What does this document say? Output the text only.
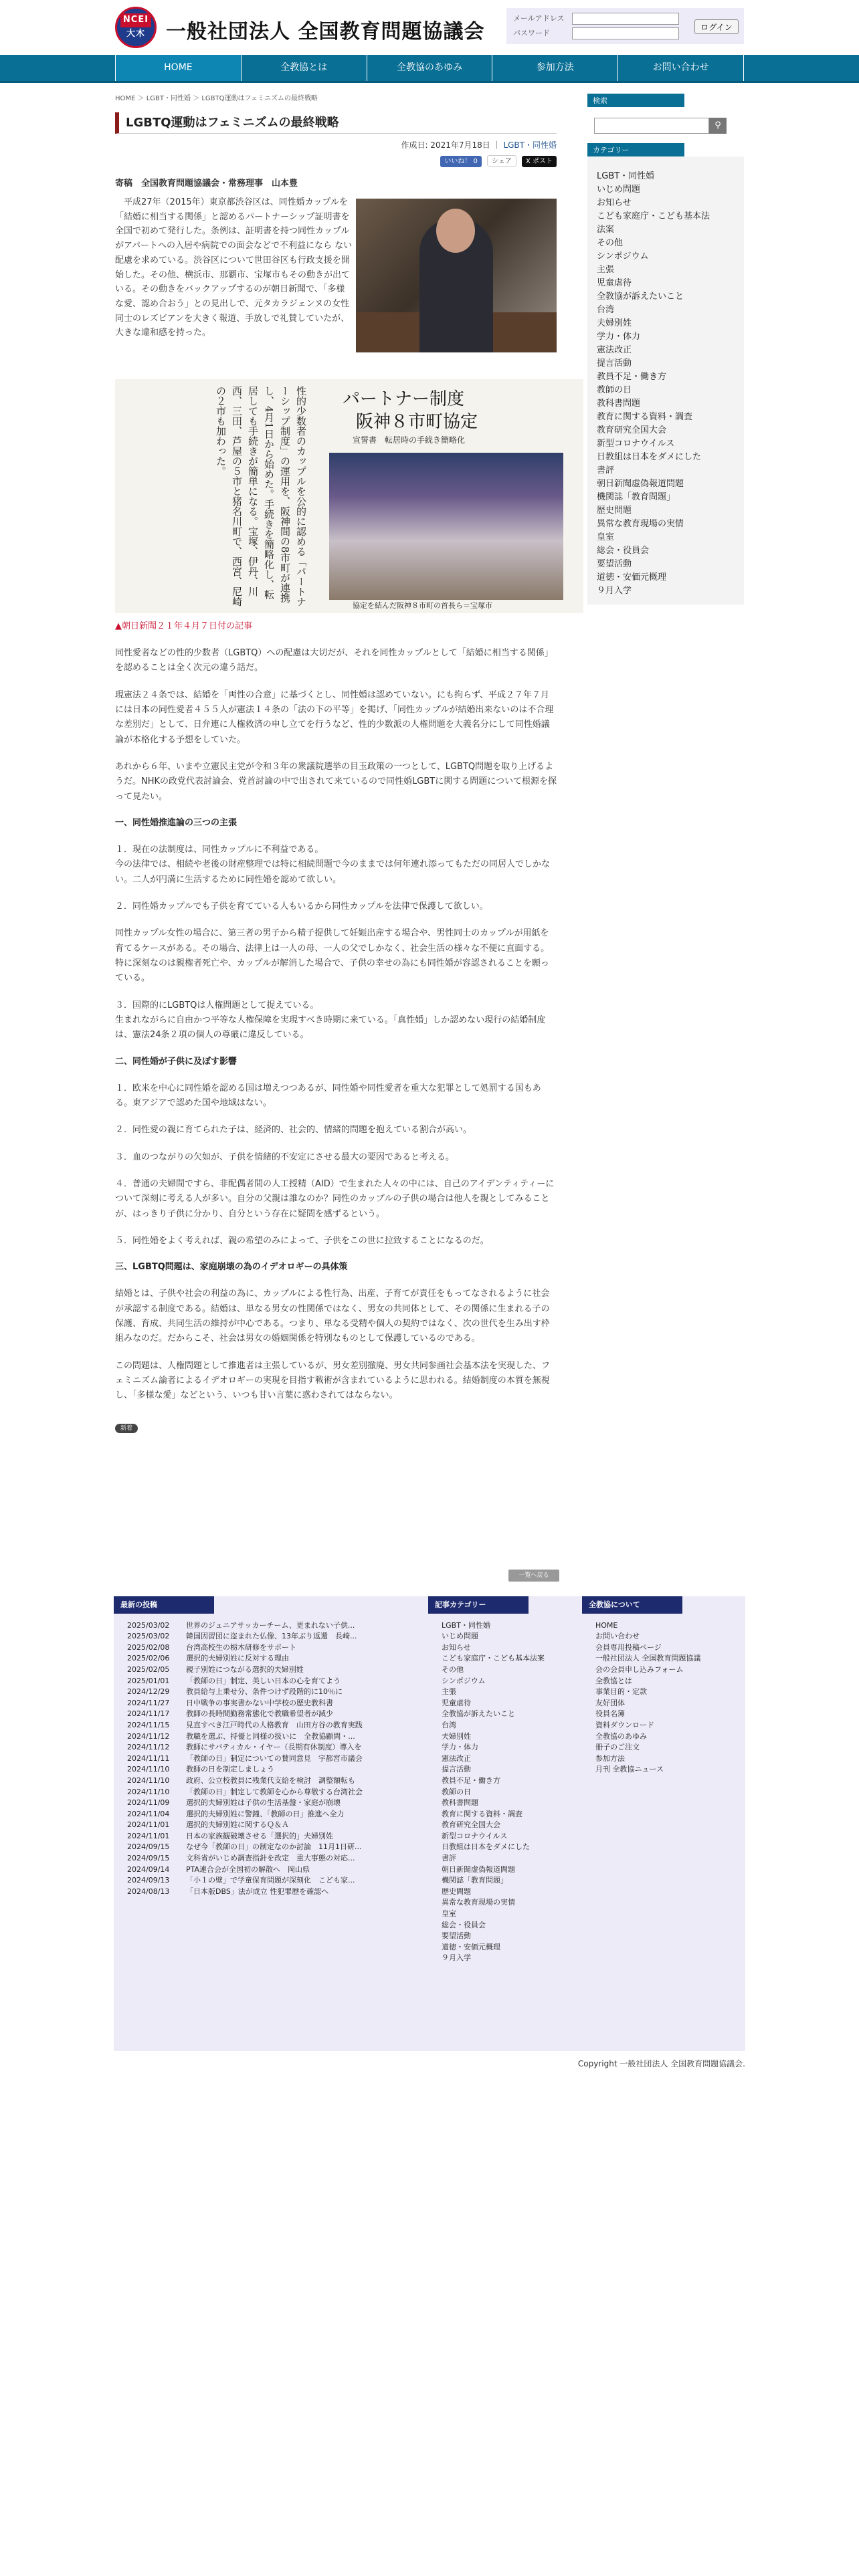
NCEI
大木 一般社団法人 全国教育問題協議会
メールアドレス
パスワード
ログイン
HOME	全教協とは	全教協のあゆみ	参加方法	お問い合わせ
HOME ＞ LGBT・同性婚 ＞ LGBTQ運動はフェミニズムの最終戦略
LGBTQ運動はフェミニズムの最終戦略
作成日: 2021年7月18日 ｜ LGBT・同性婚
いいね！ 0 シェア X ポスト
寄稿　全国教育問題協議会・常務理事　山本豊

平成27年（2015年）東京都渋谷区は、同性婚カップルを「結婚に相当する関係」と認めるパートナーシップ証明書を全国で初めて発行した。条例は、証明書を持つ同性カップルがアパートへの入居や病院での面会などで不利益になら ない配慮を求めている。渋谷区について世田谷区も行政支援を開始した。その他、横浜市、那覇市、宝塚市もその動きが出ている。その動きをバックアップするのが朝日新聞で、「多様な愛、認め合おう」との見出しで、元タカラジェンヌの女性同士のレズビアンを大きく報道、手放しで礼賛していたが、大きな違和感を持った。

性的少数者のカップルを公的に認める「パートナーシップ制度」の運用を、阪神間の8市町が連携し、4月1日から始めた。手続きを簡略化し、転居しても手続きが簡単になる。宝塚、伊丹、川西、三田、芦屋の５市と猪名川町で、西宮、尼崎の２市も加わった。	パートナー制度
阪神８市町協定
宣誓書　転居時の手続き簡略化
協定を結んだ阪神８市町の首長ら＝宝塚市
▲朝日新聞２１年４月７日付の記事

同性愛者などの性的少数者（LGBTQ）への配慮は大切だが、それを同性カップルとして「結婚に相当する関係」を認めることは全く次元の違う話だ。

現憲法２４条では、結婚を「両性の合意」に基づくとし、同性婚は認めていない。にも拘らず、平成２７年７月には日本の同性愛者４５５人が憲法１４条の「法の下の平等」を掲げ、「同性カップルが結婚出来ないのは不合理な差別だ」として、日弁連に人権救済の申し立てを行うなど、性的少数派の人権問題を大義名分にして同性婚議論が本格化する予想をしていた。

あれから６年、いまや立憲民主党が令和３年の衆議院選挙の目玉政策の一つとして、LGBTQ問題を取り上げるようだ。NHKの政党代表討論会、党首討論の中で出されて来ているので同性婚LGBTに関する問題について根源を探って見たい。

一、同性婚推進論の三つの主張

１．現在の法制度は、同性カップルに不利益である。
今の法律では、相続や老後の財産整理では特に相続問題で今のままでは何年連れ添ってもただの同居人でしかない。二人が円満に生活するために同性婚を認めて欲しい。

２．同性婚カップルでも子供を育てている人もいるから同性カップルを法律で保護して欲しい。

同性カップル女性の場合に、第三者の男子から精子提供して妊娠出産する場合や、男性同士のカップルが用紙を育てるケースがある。その場合、法律上は一人の母、一人の父でしかなく、社会生活の様々な不便に直面する。特に深刻なのは親権者死亡や、カップルが解消した場合で、子供の幸せの為にも同性婚が容認されることを願っている。

３．国際的にLGBTQは人権問題として捉えている。
生まれながらに自由かつ平等な人権保障を実現すべき時期に来ている。「真性婚」しか認めない現行の結婚制度は、憲法24条２項の個人の尊厳に違反している。

二、同性婚が子供に及ぼす影響

１．欧米を中心に同性婚を認める国は増えつつあるが、同性婚や同性愛者を重大な犯罪として処罰する国もある。東アジアで認めた国や地域はない。

２．同性愛の親に育てられた子は、経済的、社会的、情緒的問題を抱えている割合が高い。

３．血のつながりの欠如が、子供を情緒的不安定にさせる最大の要因であると考える。

４．普通の夫婦間ですら、非配偶者間の人工授精（AID）で生まれた人々の中には、自己のアイデンティティーについて深刻に考える人が多い。自分の父親は誰なのか？同性のカップルの子供の場合は他人を親としてみることが、はっきり子供に分かり、自分という存在に疑問を感ずるという。

５．同性婚をよく考えれば、親の希望のみによって、子供をこの世に拉致することになるのだ。

三、LGBTQ問題は、家庭崩壊の為のイデオロギーの具体策

結婚とは、子供や社会の利益の為に、カップルによる性行為、出産、子育てが責任をもってなされるように社会が承認する制度である。結婚は、単なる男女の性関係ではなく、男女の共同体として、その関係に生まれる子の保護、育成、共同生活の維持が中心である。つまり、単なる受精や個人の契約ではなく、次の世代を生み出す枠組みなのだ。だからこそ、社会は男女の婚姻関係を特別なものとして保護しているのである。

この問題は、人権問題として推進者は主張しているが、男女差別撤廃、男女共同参画社会基本法を実現した、フェミニズム論者によるイデオロギーの実現を目指す戦術が含まれているように思われる。結婚制度の本質を無視し、「多様な愛」などという、いつも甘い言葉に惑わされてはならない。

新着
検索
⚲
カテゴリー
LGBT・同性婚
いじめ問題
お知らせ
こども家庭庁・こども基本法
法案
その他
シンポジウム
主張
児童虐待
全教協が訴えたいこと
台湾
夫婦別姓
学力・体力
憲法改正
提言活動
教員不足・働き方
教師の日
教科書問題
教育に関する資料・調査
教育研究全国大会
新型コロナウイルス
日教組は日本をダメにした
書評
朝日新聞虚偽報道問題
機関誌「教育問題」
歴史問題
異常な教育現場の実情
皇室
総会・役員会
要望活動
道徳・安価元概理
９月入学
一覧へ戻る
最新の投稿
2025/03/02 世界のジュニアサッカーチーム、更まれない子供...
2025/03/02 韓国因習団に盗まれた仏像、13年ぶり返還　長崎...
2025/02/08 台湾高校生の栃木研修をサポート
2025/02/06 選択的夫婦別姓に反対する理由
2025/02/05 親子別姓につながる選択的夫婦別姓
2025/01/01 「教師の日」制定、美しい日本の心を育てよう
2024/12/29 教員給与上乗せ分、条件つけず段階的に10％に
2024/11/27 日中戦争の事実書かない中学校の歴史教科書
2024/11/17 教師の長時間勤務常態化で教職希望者が減少
2024/11/15 見直すべき江戸時代の人格教育　山田方谷の教育実践
2024/11/12 教職を選ぶ、持優と同様の扱いに　全教協顧問・...
2024/11/12 教師にサバティカル・イヤー（長期有休制度）導入を
2024/11/11 「教師の日」制定についての賛同意見　宇都宮市議会
2024/11/10 教師の日を制定しましょう
2024/11/10 政府、公立校教員に残業代支給を検討　調整額転も
2024/11/10 「教師の日」制定して教師を心から尊敬する台湾社会
2024/11/09 選択的夫婦別姓は子供の生活基盤・家庭が崩壊
2024/11/04 選択的夫婦別姓に警鐘、「教師の日」推進へ全力
2024/11/01 選択的夫婦別姓に関するＱ＆Ａ
2024/11/01 日本の家族観破壊させる「選択的」夫婦別姓
2024/09/15 なぜ今「教師の日」の制定なのか討論　11月1日研...
2024/09/15 文科省がいじめ調査指針を改定　重大事態の対応...
2024/09/14 PTA連合会が全国初の解散へ　岡山県
2024/09/13 「小１の壁」で学童保育問題が深刻化　こども家...
2024/08/13 「日本版DBS」法が成立 性犯罪歴を確認へ
記事カテゴリー
LGBT・同性婚
いじめ問題
お知らせ
こども家庭庁・こども基本法案
その他
シンポジウム
主張
児童虐待
全教協が訴えたいこと
台湾
夫婦別姓
学力・体力
憲法改正
提言活動
教員不足・働き方
教師の日
教科書問題
教育に関する資料・調査
教育研究全国大会
新型コロナウイルス
日教組は日本をダメにした
書評
朝日新聞虚偽報道問題
機関誌「教育問題」
歴史問題
異常な教育現場の実情
皇室
総会・役員会
要望活動
道徳・安価元概理
９月入学
全教協について
HOME
お問い合わせ
会員専用投稿ページ
一般社団法人 全国教育問題協議
会の会員申し込みフォーム
全教協とは
事業目的・定款
友好団体
役員名簿
資料ダウンロード
全教協のあゆみ
冊子のご注文
参加方法
月刊 全教協ニュース
Copyright 一般社団法人 全国教育問題協議会.
